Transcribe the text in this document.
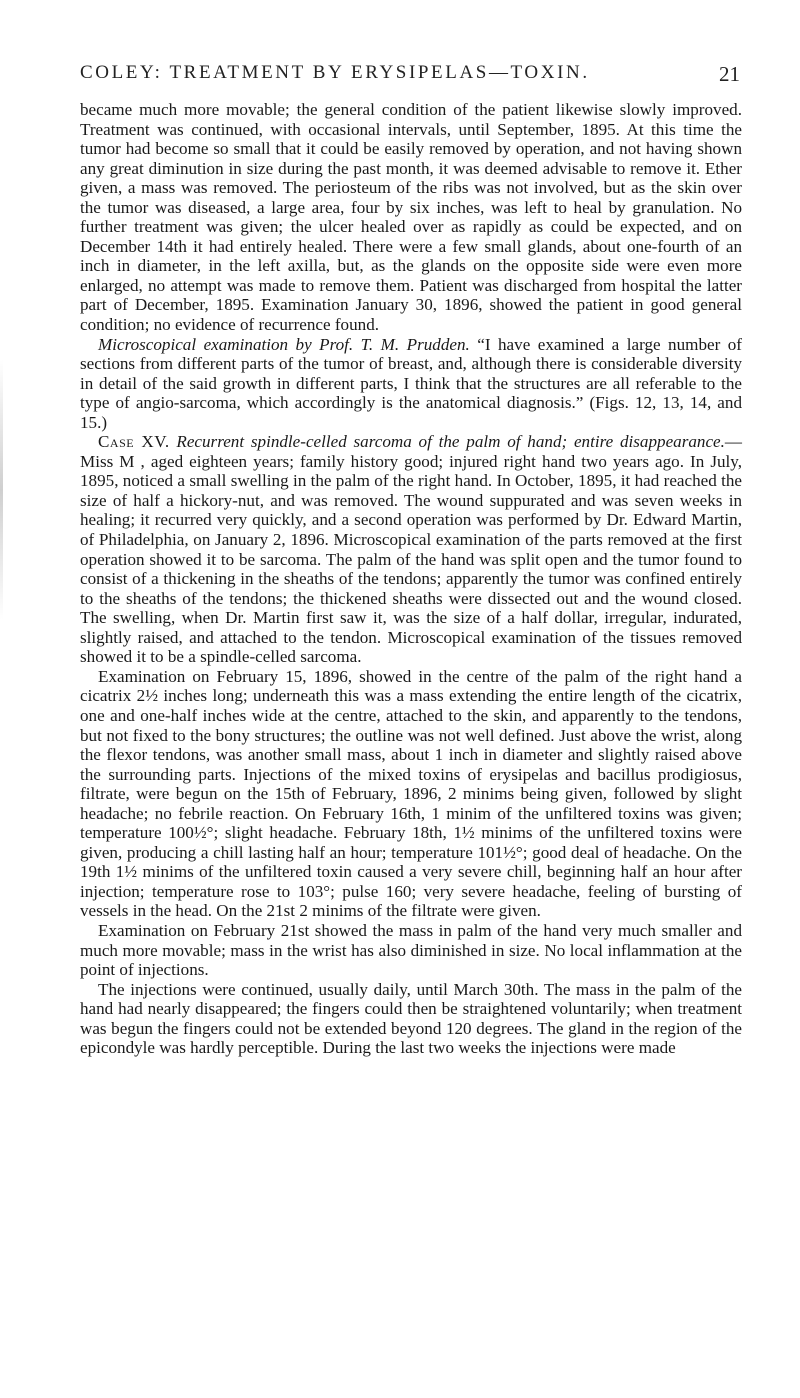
COLEY: TREATMENT BY ERYSIPELAS—TOXIN.	21

became much more movable; the general condition of the patient likewise slowly improved. Treatment was continued, with occasional intervals, until September, 1895. At this time the tumor had become so small that it could be easily removed by operation, and not having shown any great diminution in size during the past month, it was deemed advisable to remove it. Ether given, a mass was removed. The periosteum of the ribs was not involved, but as the skin over the tumor was diseased, a large area, four by six inches, was left to heal by granulation. No further treatment was given; the ulcer healed over as rapidly as could be expected, and on December 14th it had entirely healed. There were a few small glands, about one-fourth of an inch in diameter, in the left axilla, but, as the glands on the opposite side were even more enlarged, no attempt was made to remove them. Patient was discharged from hospital the latter part of December, 1895. Examination January 30, 1896, showed the patient in good general condition; no evidence of recurrence found.

Microscopical examination by Prof. T. M. Prudden. “I have examined a large number of sections from different parts of the tumor of breast, and, although there is considerable diversity in detail of the said growth in different parts, I think that the structures are all referable to the type of angio-sarcoma, which accordingly is the anatomical diagnosis.” (Figs. 12, 13, 14, and 15.)

Case XV. Recurrent spindle-celled sarcoma of the palm of hand; entire disappearance.—Miss M , aged eighteen years; family history good; injured right hand two years ago. In July, 1895, noticed a small swelling in the palm of the right hand. In October, 1895, it had reached the size of half a hickory-nut, and was removed. The wound suppurated and was seven weeks in healing; it recurred very quickly, and a second operation was performed by Dr. Edward Martin, of Philadelphia, on January 2, 1896. Microscopical examination of the parts removed at the first operation showed it to be sarcoma. The palm of the hand was split open and the tumor found to consist of a thickening in the sheaths of the tendons; apparently the tumor was confined entirely to the sheaths of the tendons; the thickened sheaths were dissected out and the wound closed. The swelling, when Dr. Martin first saw it, was the size of a half dollar, irregular, indurated, slightly raised, and attached to the tendon. Microscopical examination of the tissues removed showed it to be a spindle-celled sarcoma.

Examination on February 15, 1896, showed in the centre of the palm of the right hand a cicatrix 2½ inches long; underneath this was a mass extending the entire length of the cicatrix, one and one-half inches wide at the centre, attached to the skin, and apparently to the tendons, but not fixed to the bony structures; the outline was not well defined. Just above the wrist, along the flexor tendons, was another small mass, about 1 inch in diameter and slightly raised above the surrounding parts. Injections of the mixed toxins of erysipelas and bacillus prodigiosus, filtrate, were begun on the 15th of February, 1896, 2 minims being given, followed by slight headache; no febrile reaction. On February 16th, 1 minim of the unfiltered toxins was given; temperature 100½°; slight headache. February 18th, 1½ minims of the unfiltered toxins were given, producing a chill lasting half an hour; temperature 101½°; good deal of headache. On the 19th 1½ minims of the unfiltered toxin caused a very severe chill, beginning half an hour after injection; temperature rose to 103°; pulse 160; very severe headache, feeling of bursting of vessels in the head. On the 21st 2 minims of the filtrate were given.

Examination on February 21st showed the mass in palm of the hand very much smaller and much more movable; mass in the wrist has also diminished in size. No local inflammation at the point of injections.

The injections were continued, usually daily, until March 30th. The mass in the palm of the hand had nearly disappeared; the fingers could then be straightened voluntarily; when treatment was begun the fingers could not be extended beyond 120 degrees. The gland in the region of the epicondyle was hardly perceptible. During the last two weeks the injections were made
